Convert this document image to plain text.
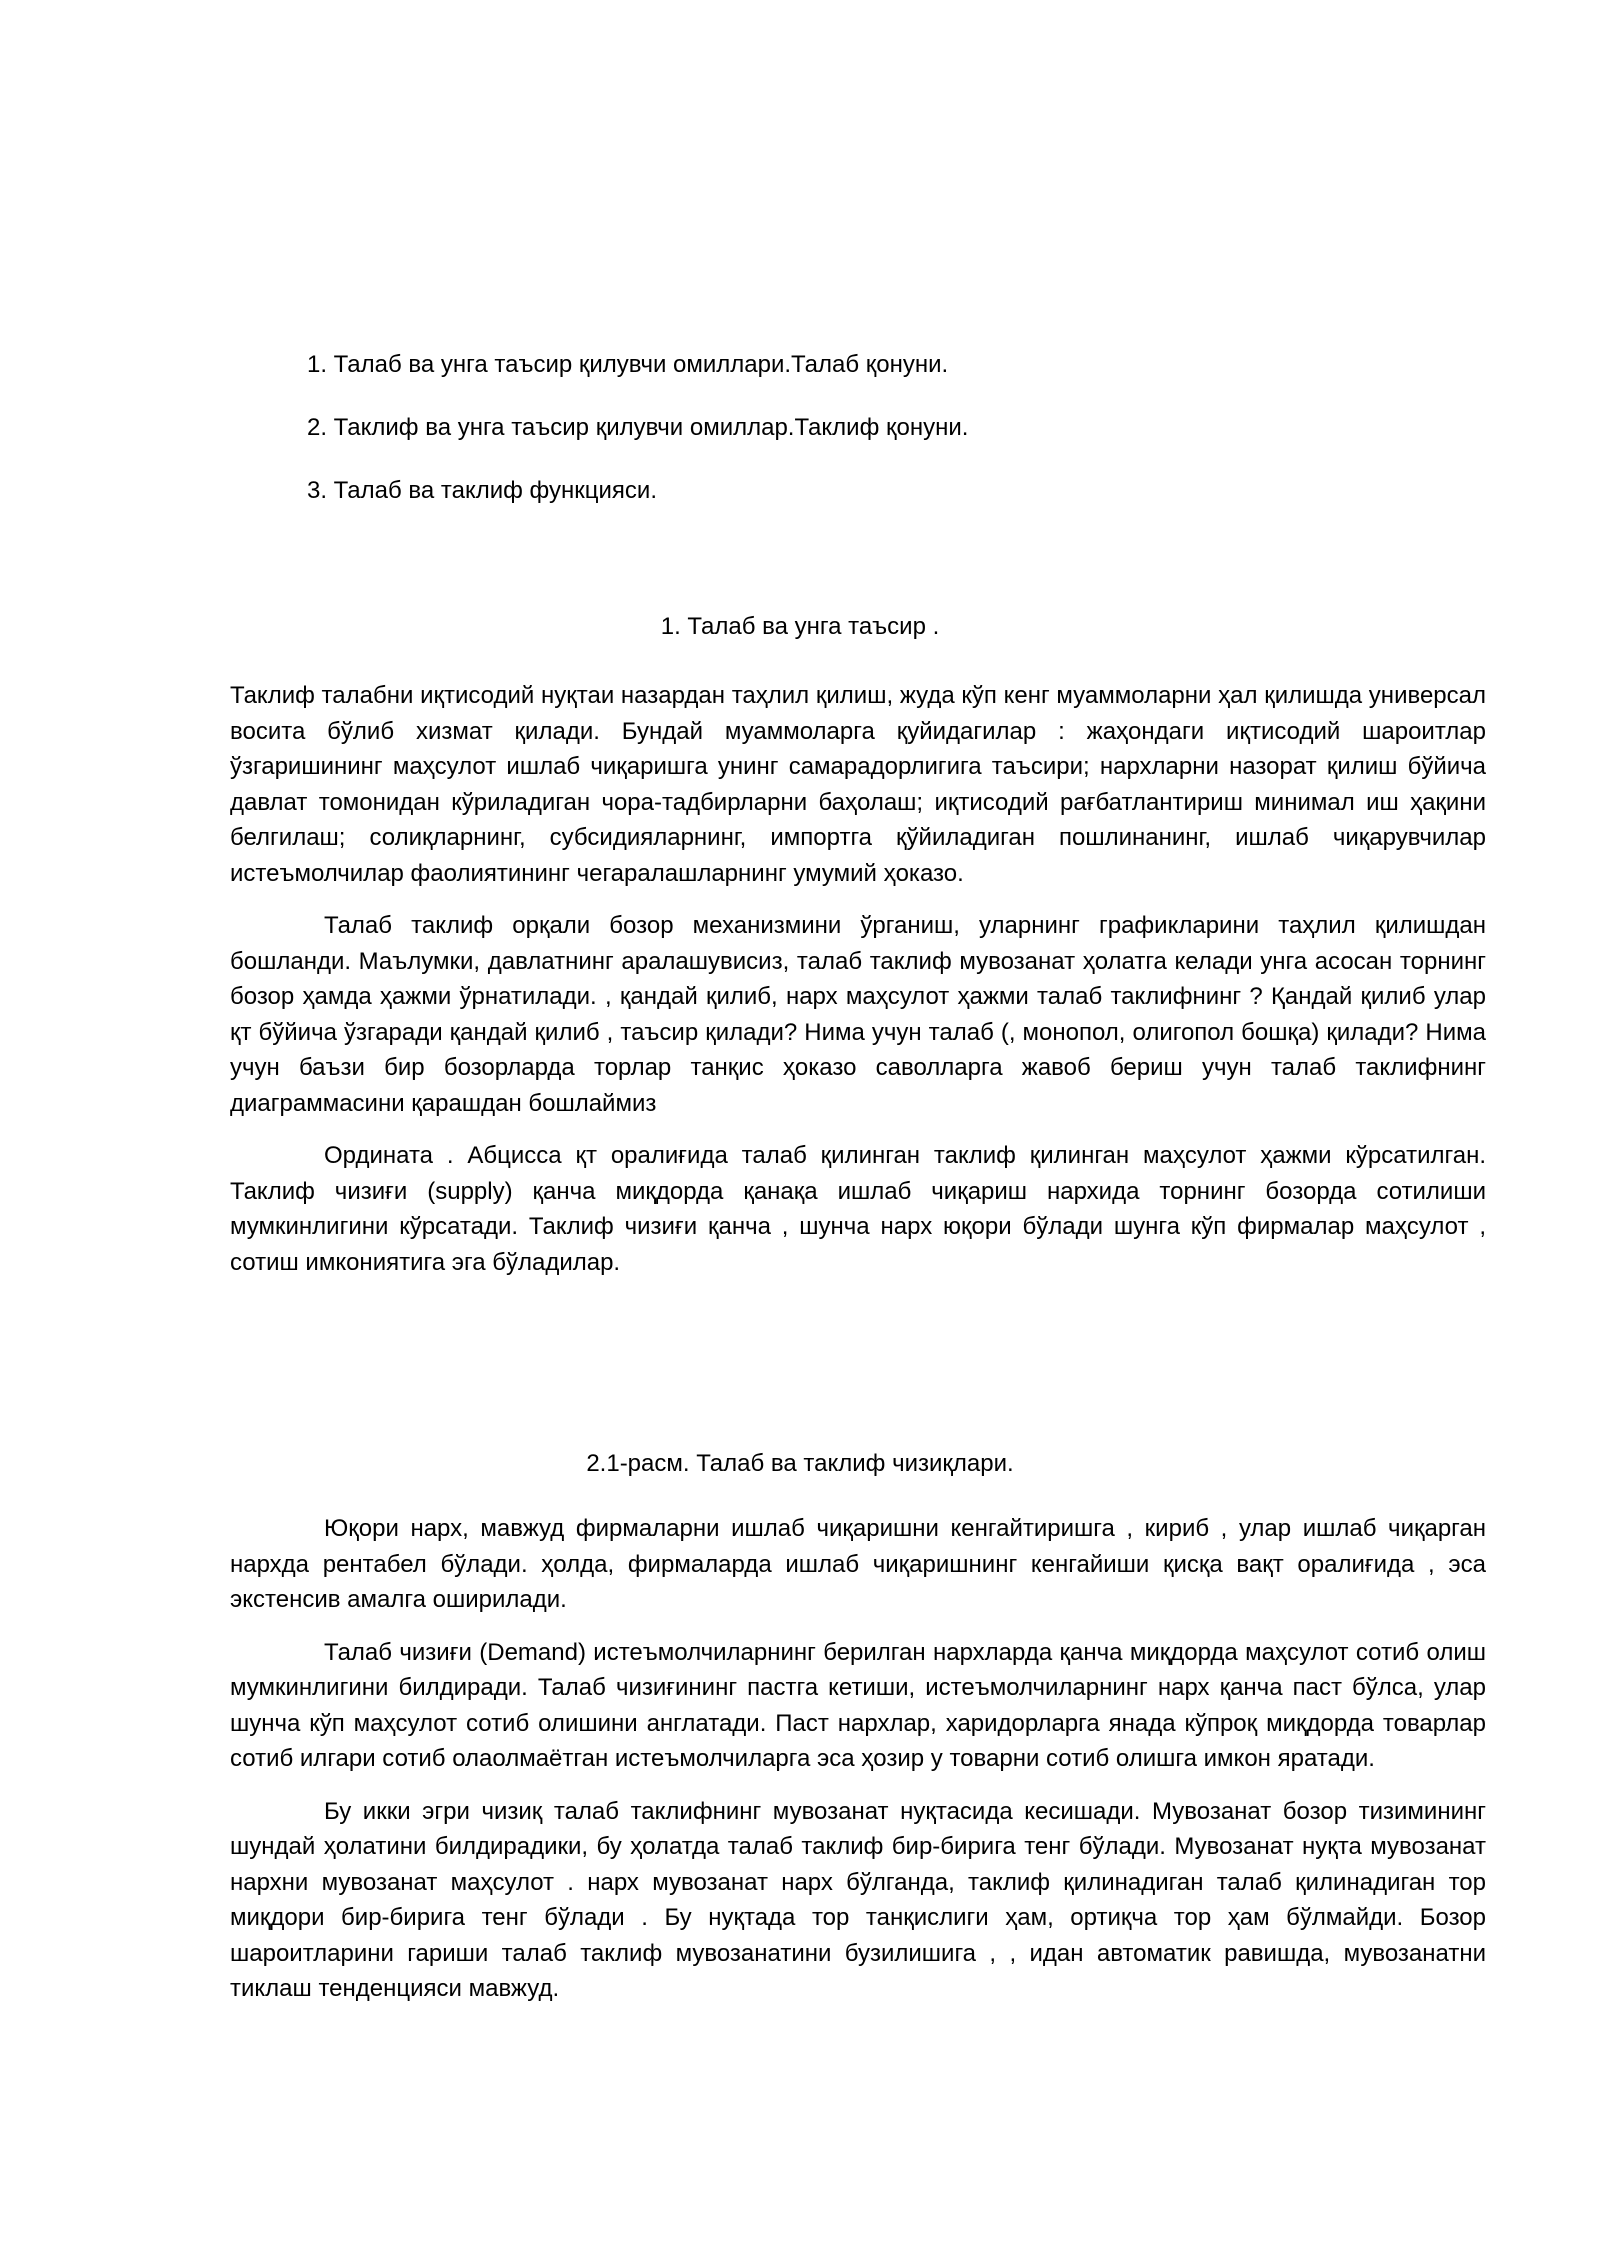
1. Талаб ва унга таъсир қилувчи омиллари.Талаб қонуни.
2. Таклиф ва унга таъсир қилувчи омиллар.Таклиф қонуни.
3. Талаб ва таклиф функцияси.
1. Талаб ва унга таъсир .

Таклиф талабни иқтисодий нуқтаи назардан таҳлил қилиш, жуда кўп кенг муаммоларни ҳал қилишда универсал восита бўлиб хизмат қилади. Бундай муаммоларга қуйидагилар : жаҳондаги иқтисодий шароитлар ўзгаришининг маҳсулот ишлаб чиқаришга унинг самарадорлигига таъсири; нархларни назорат қилиш бўйича давлат томонидан кўриладиган чора-тадбирларни баҳолаш; иқтисодий рағбатлантириш минимал иш ҳақини белгилаш; солиқларнинг, субсидияларнинг, импортга қўйиладиган пошлинанинг, ишлаб чиқарувчилар истеъмолчилар фаолиятининг чегаралашларнинг умумий ҳоказо.

Талаб таклиф орқали бозор механизмини ўрганиш, уларнинг графикларини таҳлил қилишдан бошланди. Маълумки, давлатнинг аралашувисиз, талаб таклиф мувозанат ҳолатга келади унга асосан торнинг бозор ҳамда ҳажми ўрнатилади. , қандай қилиб, нарх маҳсулот ҳажми талаб таклифнинг ? Қандай қилиб улар қт бўйича ўзгаради қандай қилиб , таъсир қилади? Нима учун талаб (, монопол, олигопол бошқа) қилади? Нима учун баъзи бир бозорларда торлар танқис ҳоказо саволларга жавоб бериш учун талаб таклифнинг диаграммасини қарашдан бошлаймиз

Ордината . Абцисса қт оралиғида талаб қилинган таклиф қилинган маҳсулот ҳажми кўрсатилган. Таклиф чизиғи (supply) қанча миқдорда қанақа ишлаб чиқариш нархида торнинг бозорда сотилиши мумкинлигини кўрсатади. Таклиф чизиғи қанча , шунча нарх юқори бўлади шунга кўп фирмалар маҳсулот , сотиш имкониятига эга бўладилар.

2.1-расм. Талаб ва таклиф чизиқлари.

Юқори нарх, мавжуд фирмаларни ишлаб чиқаришни кенгайтиришга , кириб , улар ишлаб чиқарган нархда рентабел бўлади. ҳолда, фирмаларда ишлаб чиқаришнинг кенгайиши қисқа вақт оралиғида , эса экстенсив амалга оширилади.

Талаб чизиғи (Demand) истеъмолчиларнинг берилган нархларда қанча миқдорда маҳсулот сотиб олиш мумкинлигини билдиради. Талаб чизиғининг пастга кетиши, истеъмолчиларнинг нарх қанча паст бўлса, улар шунча кўп маҳсулот сотиб олишини англатади. Паст нархлар, харидорларга янада кўпроқ миқдорда товарлар сотиб илгари сотиб олаолмаётган истеъмолчиларга эса ҳозир у товарни сотиб олишга имкон яратади.

Бу икки эгри чизиқ талаб таклифнинг мувозанат нуқтасида кесишади. Мувозанат бозор тизимининг шундай ҳолатини билдирадики, бу ҳолатда талаб таклиф бир-бирига тенг бўлади. Мувозанат нуқта мувозанат нархни мувозанат маҳсулот . нарх мувозанат нарх бўлганда, таклиф қилинадиган талаб қилинадиган тор миқдори бир-бирига тенг бўлади . Бу нуқтада тор танқислиги ҳам, ортиқча тор ҳам бўлмайди. Бозор шароитларини гариши талаб таклиф мувозанатини бузилишига , , идан автоматик равишда, мувозанатни тиклаш тенденцияси мавжуд.
